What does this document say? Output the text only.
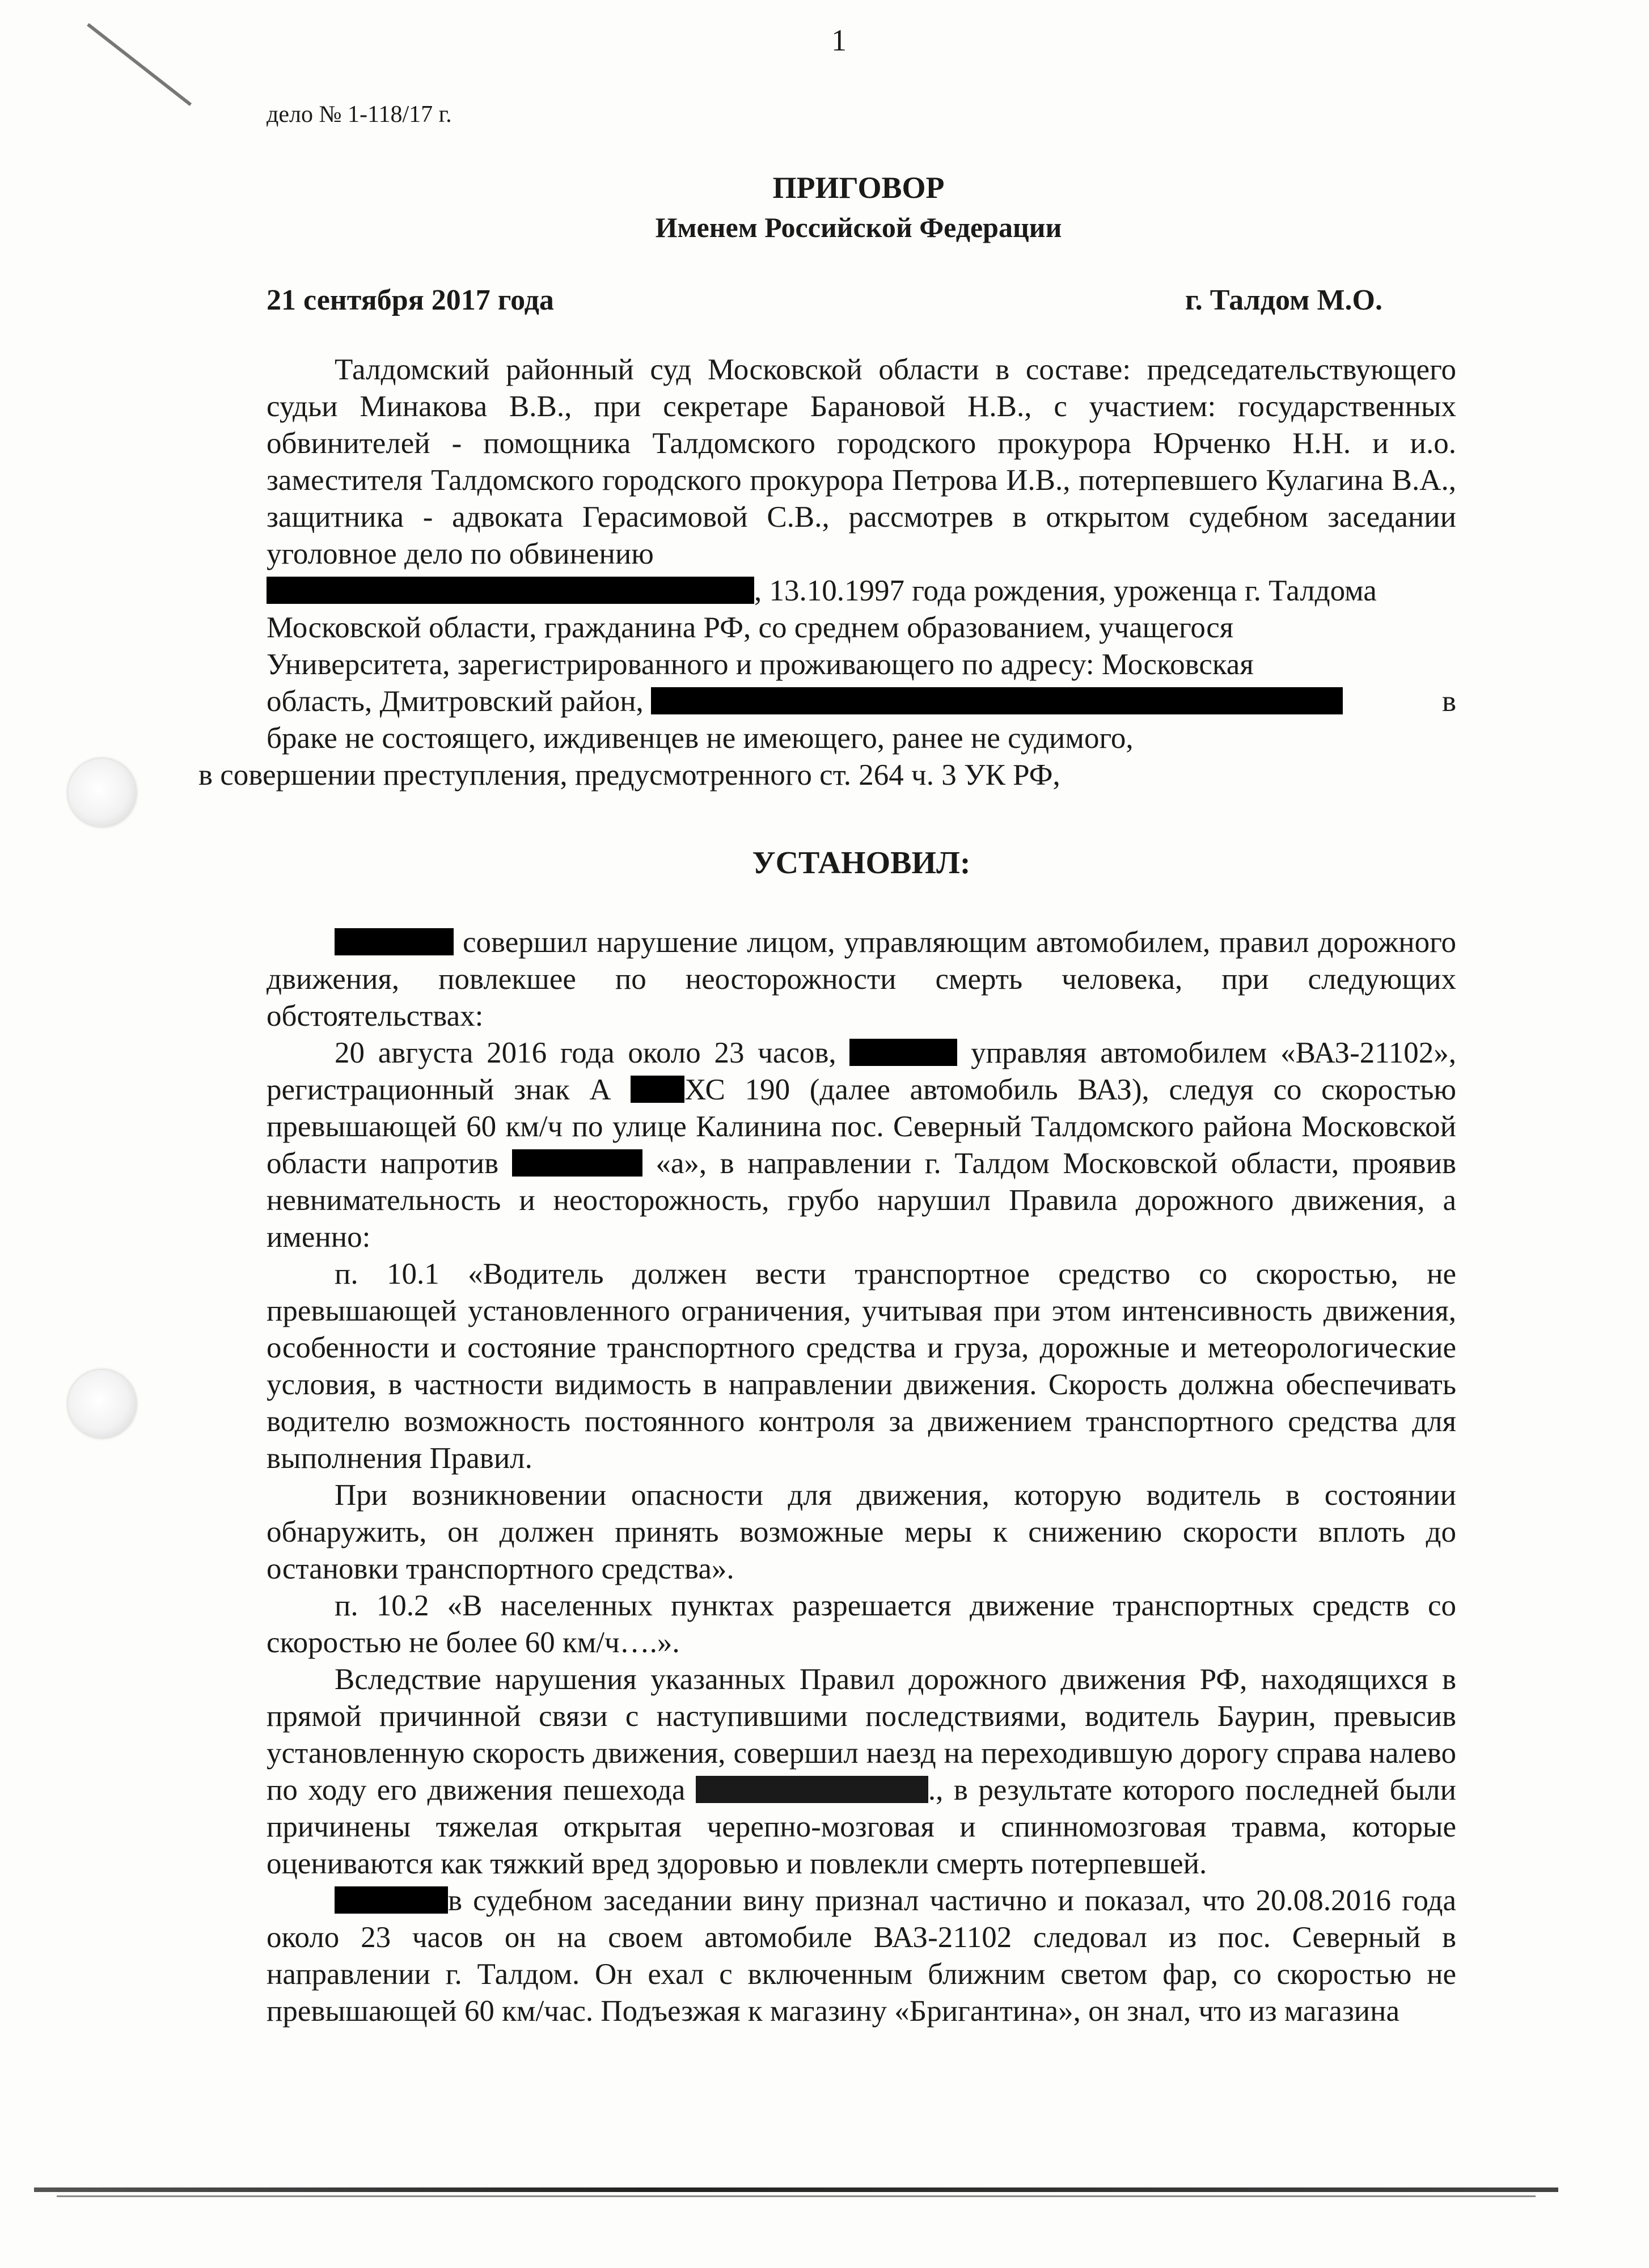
1
дело № 1-118/17 г.
ПРИГОВОР
Именем Российской Федерации
21 сентября 2017 года	г. Талдом М.О.

Талдомский районный суд Московской области в составе: председательствующего судьи Минакова В.В., при секретаре Барановой Н.В., с участием: государственных обвинителей - помощника Талдомского городского прокурора Юрченко Н.Н. и и.о. заместителя Талдомского городского прокурора Петрова И.В., потерпевшего Кулагина В.А., защитника - адвоката Герасимовой С.В., рассмотрев в открытом судебном заседании уголовное дело по обвинению

, 13.10.1997 года рождения, уроженца г. Талдома
Московской области, гражданина РФ, со среднем образованием, учащегося
Университета, зарегистрированного и проживающего по адресу: Московская
область, Дмитровский район,	в
браке не состоящего, иждивенцев не имеющего, ранее не судимого,

в совершении преступления, предусмотренного ст. 264 ч. 3 УК РФ,

УСТАНОВИЛ:

совершил нарушение лицом, управляющим автомобилем, правил дорожного движения, повлекшее по неосторожности смерть человека, при следующих обстоятельствах:

20 августа 2016 года около 23 часов,	управляя автомобилем «ВАЗ-21102», регистрационный знак А ХС 190 (далее автомобиль ВАЗ), следуя со скоростью превышающей 60 км/ч по улице Калинина пос. Северный Талдомского района Московской области напротив	«а», в направлении г. Талдом Московской области, проявив невнимательность и неосторожность, грубо нарушил Правила дорожного движения, а именно:

п. 10.1 «Водитель должен вести транспортное средство со скоростью, не превышающей установленного ограничения, учитывая при этом интенсивность движения, особенности и состояние транспортного средства и груза, дорожные и метеорологические условия, в частности видимость в направлении движения. Скорость должна обеспечивать водителю возможность постоянного контроля за движением транспортного средства для выполнения Правил.

При возникновении опасности для движения, которую водитель в состоянии обнаружить, он должен принять возможные меры к снижению скорости вплоть до остановки транспортного средства».

п. 10.2 «В населенных пунктах разрешается движение транспортных средств со скоростью не более 60 км/ч….».

Вследствие нарушения указанных Правил дорожного движения РФ, находящихся в прямой причинной связи с наступившими последствиями, водитель Баурин, превысив установленную скорость движения, совершил наезд на переходившую дорогу справа налево по ходу его движения пешехода	., в результате которого последней были причинены тяжелая открытая черепно-мозговая и спинномозговая травма, которые оцениваются как тяжкий вред здоровью и повлекли смерть потерпевшей.

в судебном заседании вину признал частично и показал, что 20.08.2016 года около 23 часов он на своем автомобиле ВАЗ-21102 следовал из пос. Северный в направлении г. Талдом. Он ехал с включенным ближним светом фар, со скоростью не превышающей 60 км/час. Подъезжая к магазину «Бригантина», он знал, что из магазина
